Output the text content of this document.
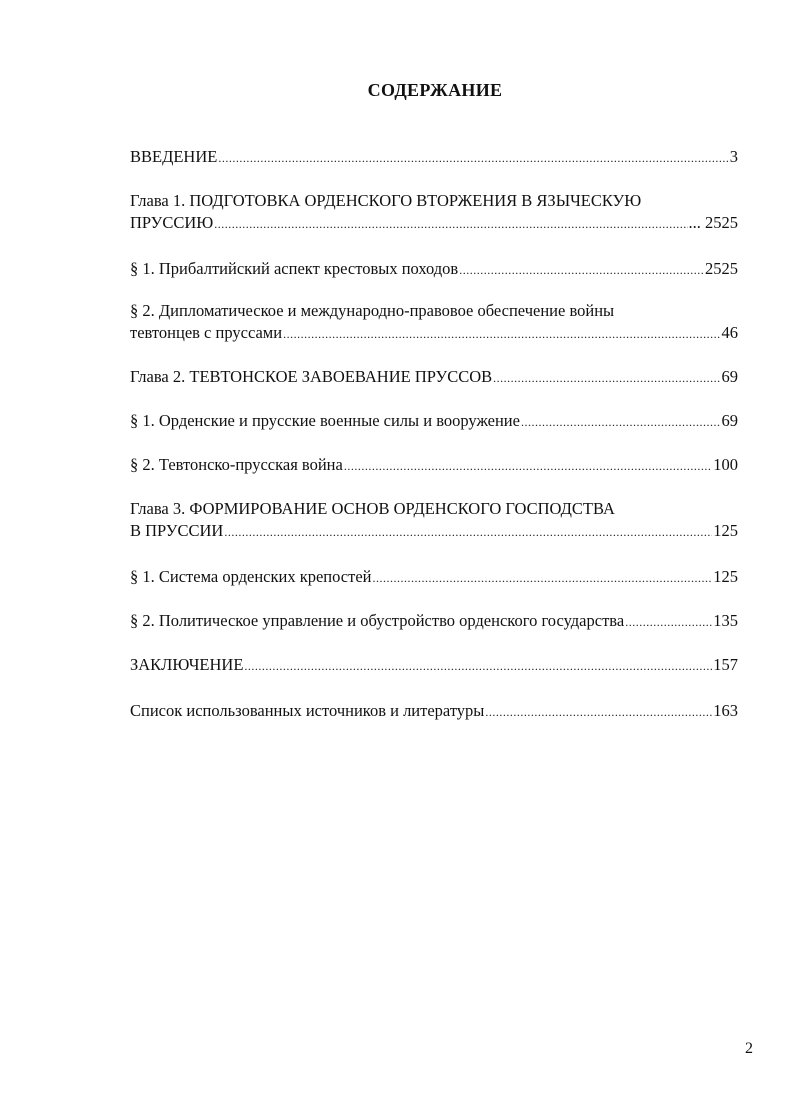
СОДЕРЖАНИЕ
ВВЕДЕНИЕ .....	3
Глава 1. ПОДГОТОВКА ОРДЕНСКОГО ВТОРЖЕНИЯ В ЯЗЫЧЕСКУЮ
ПРУССИЮ .....	... 2525
§ 1. Прибалтийский аспект крестовых походов .....	2525
§ 2. Дипломатическое и международно-правовое обеспечение войны
тевтонцев с пруссами .....	46
Глава 2. ТЕВТОНСКОЕ ЗАВОЕВАНИЕ ПРУССОВ .....	69
§ 1. Орденские и прусские военные силы и вооружение .....	69
§ 2. Тевтонско-прусская война .....	100
Глава 3. ФОРМИРОВАНИЕ ОСНОВ ОРДЕНСКОГО ГОСПОДСТВА
В ПРУССИИ .....	125
§ 1. Система орденских крепостей .....	125
§ 2. Политическое управление и обустройство орденского государства .....	135
ЗАКЛЮЧЕНИЕ .....	157
Список использованных источников и литературы .....	163
2
